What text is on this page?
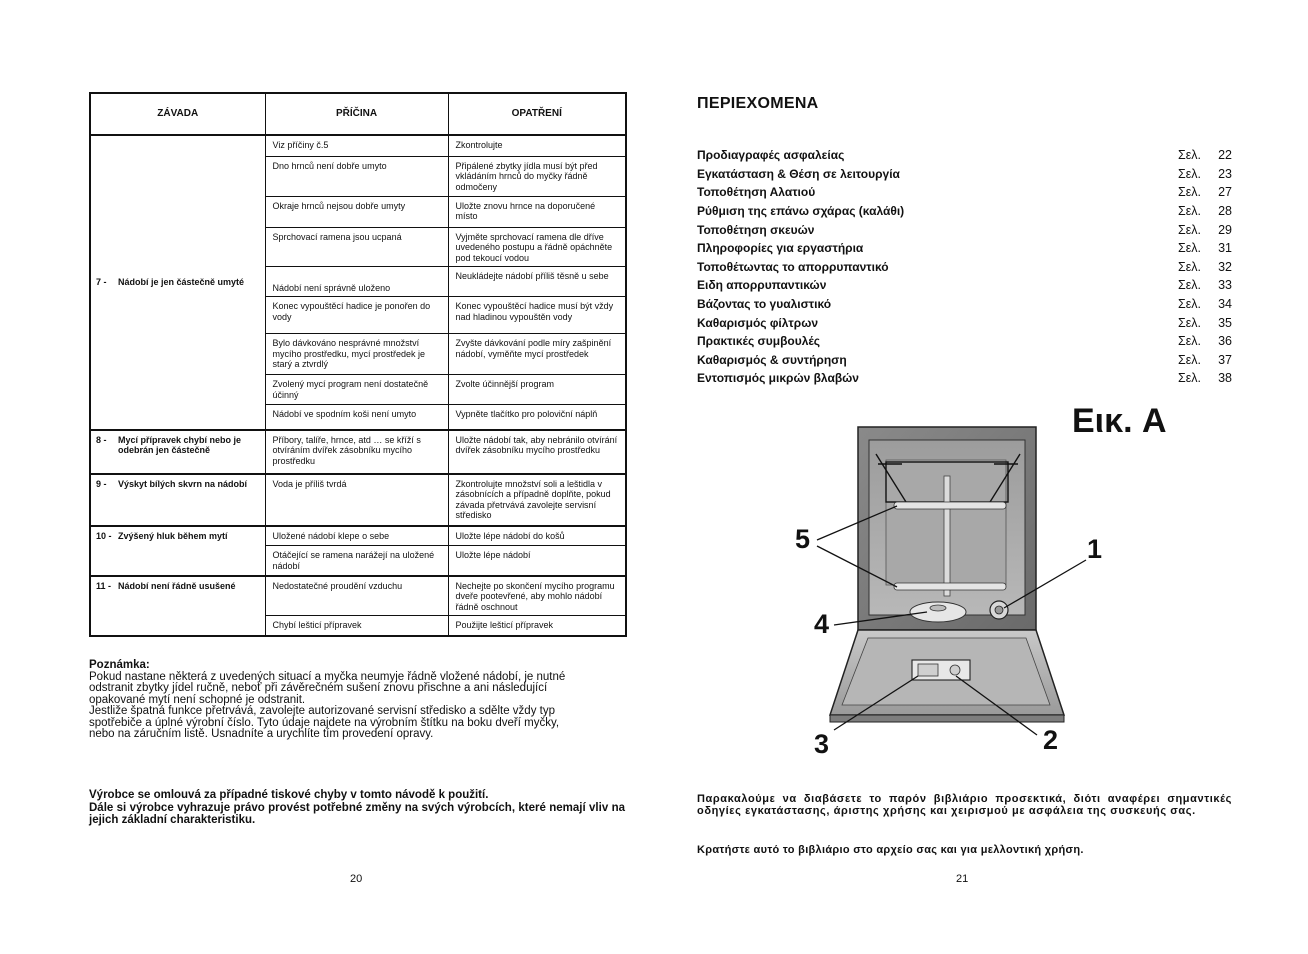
ZÁVADA	PŘÍČINA	OPATŘENÍ

7 - Nádobí je jen částečně umyté	Viz příčiny č.5	Zkontrolujte
	Dno hrnců není dobře umyto	Připálené zbytky jídla musí být před vkládáním hrnců do myčky řádně odmočeny
	Okraje hrnců nejsou dobře umyty	Uložte znovu hrnce na doporučené místo
	Sprchovací ramena jsou ucpaná	Vyjměte sprchovací ramena dle dříve uvedeného postupu a řádně opáchněte pod tekoucí vodou
	Nádobí není správně uloženo	Neukládejte nádobí příliš těsně u sebe
	Konec vypouštěcí hadice je ponořen do vody	Konec vypouštěcí hadice musí být vždy nad hladinou vypouštěn vody
	Bylo dávkováno nesprávné množství mycího prostředku, mycí prostředek je starý a ztvrdlý	Zvyšte dávkování podle míry zašpinění nádobí, vyměňte mycí prostředek
	Zvolený mycí program není dostatečně účinný	Zvolte účinnější program
	Nádobí ve spodním koši není umyto	Vypněte tlačítko pro poloviční náplň

8 - Mycí přípravek chybí nebo je odebrán jen částečně	Příbory, talíře, hrnce, atd … se kříží s otvíráním dvířek zásobníku mycího prostředku	Uložte nádobí tak, aby nebránilo otvírání dvířek zásobníku mycího prostředku

9 - Výskyt bílých skvrn na nádobí	Voda je příliš tvrdá	Zkontrolujte množství soli a leštidla v zásobnících a případně doplňte, pokud závada přetrvává zavolejte servisní středisko

10 - Zvýšený hluk během mytí	Uložené nádobí klepe o sebe	Uložte lépe nádobí do košů
	Otáčející se ramena narážejí na uložené nádobí	Uložte lépe nádobí

11 - Nádobí není řádně usušené	Nedostatečné proudění vzduchu	Nechejte po skončení mycího programu dveře pootevřené, aby mohlo nádobí řádně oschnout
	Chybí lešticí přípravek	Použijte lešticí přípravek
Poznámka:
Pokud nastane některá z uvedených situací a myčka neumyje řádně vložené nádobí, je nutné
odstranit zbytky jídel ručně, neboť při závěrečném sušení znovu přischne a ani následující
opakované mytí není schopné je odstranit.
Jestliže špatná funkce přetrvává, zavolejte autorizované servisní středisko a sdělte vždy typ
spotřebiče a úplné výrobní číslo. Tyto údaje najdete na výrobním štítku na boku dveří myčky,
nebo na záručním listě. Usnadníte a urychlíte tím provedení opravy.
Výrobce se omlouvá za případné tiskové chyby v tomto návodě k použití.
Dále si výrobce vyhrazuje právo provést potřebné změny na svých výrobcích, které nemají vliv na jejich základní charakteristiku.
20
ΠΕΡΙΕΧΟΜΕΝΑ
Προδιαγραφές ασφαλείας	Σελ.	22
Εγκατάσταση & Θέση σε λειτουργία	Σελ.	23
Τοποθέτηση Αλατιού	Σελ.	27
Ρύθμιση της επάνω σχάρας (καλάθι)	Σελ.	28
Τοποθέτηση σκευών	Σελ.	29
Πληροφορίες για εργαστήρια	Σελ.	31
Τοποθέτωντας το απορρυπαντικό	Σελ.	32
Ειδη απορρυπαντικών	Σελ.	33
Βάζοντας το γυαλιστικό	Σελ.	34
Καθαρισμός φίλτρων	Σελ.	35
Πρακτικές συμβουλές	Σελ.	36
Καθαρισμός & συντήρηση	Σελ.	37
Εντοπισμός μικρών βλαβών	Σελ.	38
Εικ. A
1
2
3
4
5
Παρακαλούμε να διαβάσετε το παρόν βιβλιάριο προσεκτικά, διότι αναφέρει σημαντικές οδηγίες εγκατάστασης, άριστης χρήσης και χειρισμού με ασφάλεια της συσκευής σας.
Κρατήστε αυτό το βιβλιάριο στο αρχείο σας και για μελλοντική χρήση.
21
